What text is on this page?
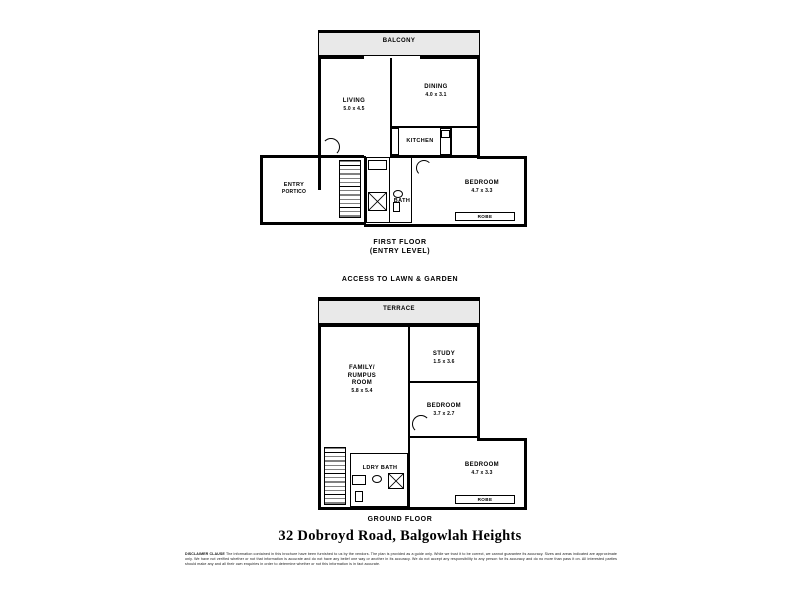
BALCONY
KITCHEN
LIVING
5.0 x 4.5
DINING
4.0 x 3.1
ENTRY
PORTICO
BEDROOM
4.7 x 3.3
ROBE
BATH
FIRST FLOOR
(ENTRY LEVEL)
ACCESS TO LAWN & GARDEN
TERRACE
FAMILY/
RUMPUS
ROOM
5.8 x 5.4
STUDY
1.5 x 3.6
BEDROOM
3.7 x 2.7
BEDROOM
4.7 x 3.3
ROBE
LDRY BATH
GROUND FLOOR
32 Dobroyd Road, Balgowlah Heights
DISCLAIMER CLAUSE The information contained in this brochure have been furnished to us by the vendors. The plan is provided as a guide only. While we trust it to be correct, we cannot guarantee its accuracy. Sizes and areas indicated are approximate only. We have not verified whether or not that information is accurate and do not have any belief one way or another in its accuracy. We do not accept any responsibility to any person for its accuracy and do no more than pass it on. All interested parties should make any and all their own enquiries in order to determine whether or not this information is in fact accurate.
